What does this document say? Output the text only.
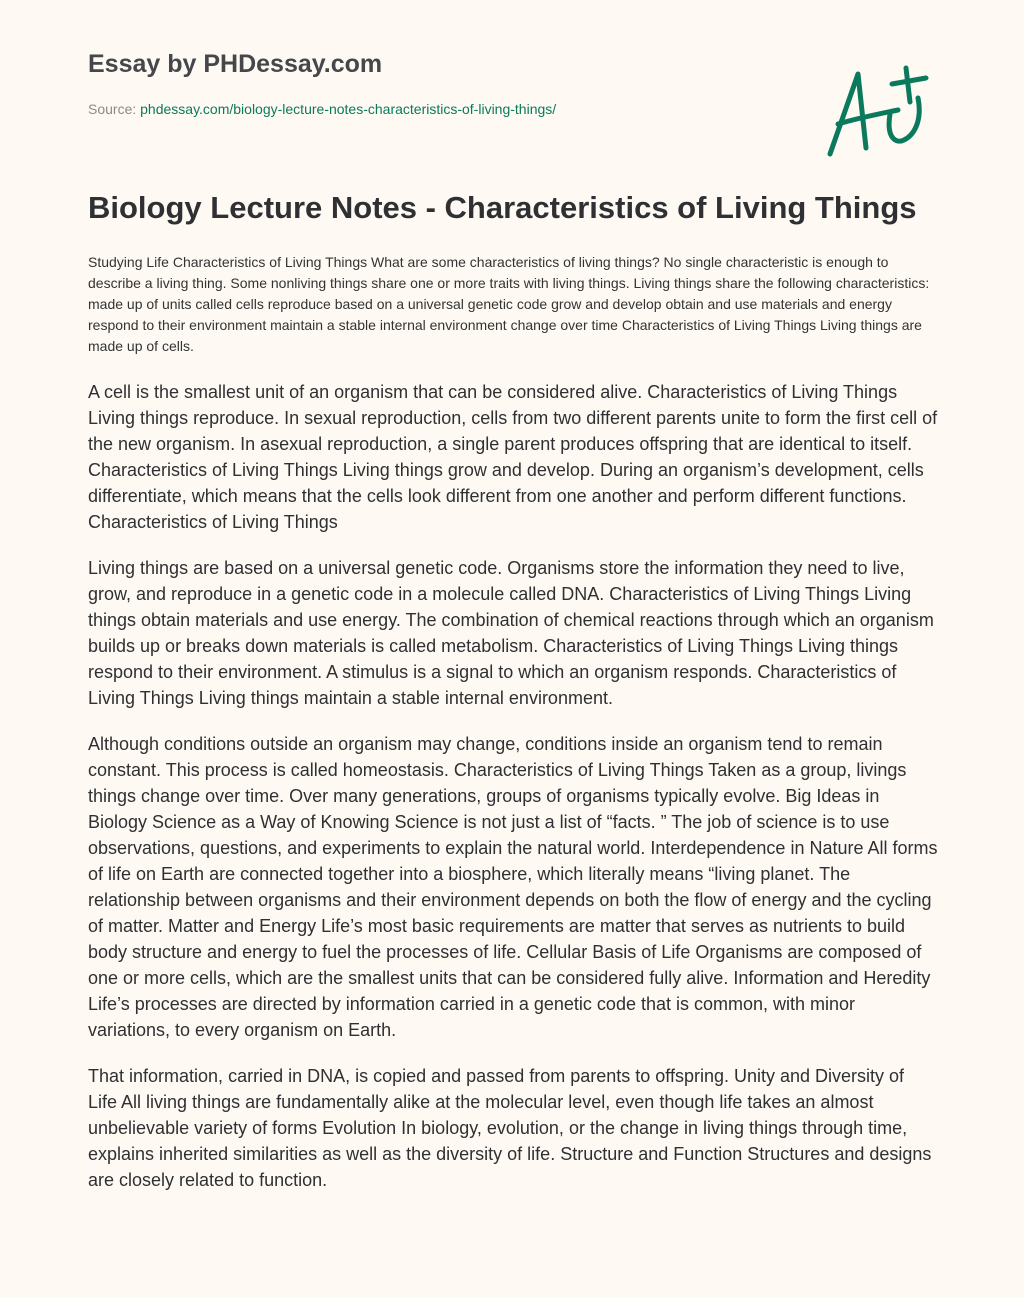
Essay by PHDessay.com
Source: phdessay.com/biology-lecture-notes-characteristics-of-living-things/
Biology Lecture Notes - Characteristics of Living Things

Studying Life Characteristics of Living Things What are some characteristics of living things? No single characteristic is enough to describe a living thing. Some nonliving things share one or more traits with living things. Living things share the following characteristics: made up of units called cells reproduce based on a universal genetic code grow and develop obtain and use materials and energy respond to their environment maintain a stable internal environment change over time Characteristics of Living Things Living things are made up of cells.

A cell is the smallest unit of an organism that can be considered alive. Characteristics of Living Things Living things reproduce. In sexual reproduction, cells from two different parents unite to form the first cell of the new organism. In asexual reproduction, a single parent produces offspring that are identical to itself. Characteristics of Living Things Living things grow and develop. During an organism’s development, cells differentiate, which means that the cells look different from one another and perform different functions. Characteristics of Living Things

Living things are based on a universal genetic code. Organisms store the information they need to live, grow, and reproduce in a genetic code in a molecule called DNA. Characteristics of Living Things Living things obtain materials and use energy. The combination of chemical reactions through which an organism builds up or breaks down materials is called metabolism. Characteristics of Living Things Living things respond to their environment. A stimulus is a signal to which an organism responds. Characteristics of Living Things Living things maintain a stable internal environment.

Although conditions outside an organism may change, conditions inside an organism tend to remain constant. This process is called homeostasis. Characteristics of Living Things Taken as a group, livings things change over time. Over many generations, groups of organisms typically evolve. Big Ideas in Biology Science as a Way of Knowing Science is not just a list of “facts. ” The job of science is to use observations, questions, and experiments to explain the natural world. Interdependence in Nature All forms of life on Earth are connected together into a biosphere, which literally means “living planet. The relationship between organisms and their environment depends on both the flow of energy and the cycling of matter. Matter and Energy Life’s most basic requirements are matter that serves as nutrients to build body structure and energy to fuel the processes of life. Cellular Basis of Life Organisms are composed of one or more cells, which are the smallest units that can be considered fully alive. Information and Heredity Life’s processes are directed by information carried in a genetic code that is common, with minor variations, to every organism on Earth.

That information, carried in DNA, is copied and passed from parents to offspring. Unity and Diversity of Life All living things are fundamentally alike at the molecular level, even though life takes an almost unbelievable variety of forms Evolution In biology, evolution, or the change in living things through time, explains inherited similarities as well as the diversity of life. Structure and Function Structures and designs are closely related to function.
